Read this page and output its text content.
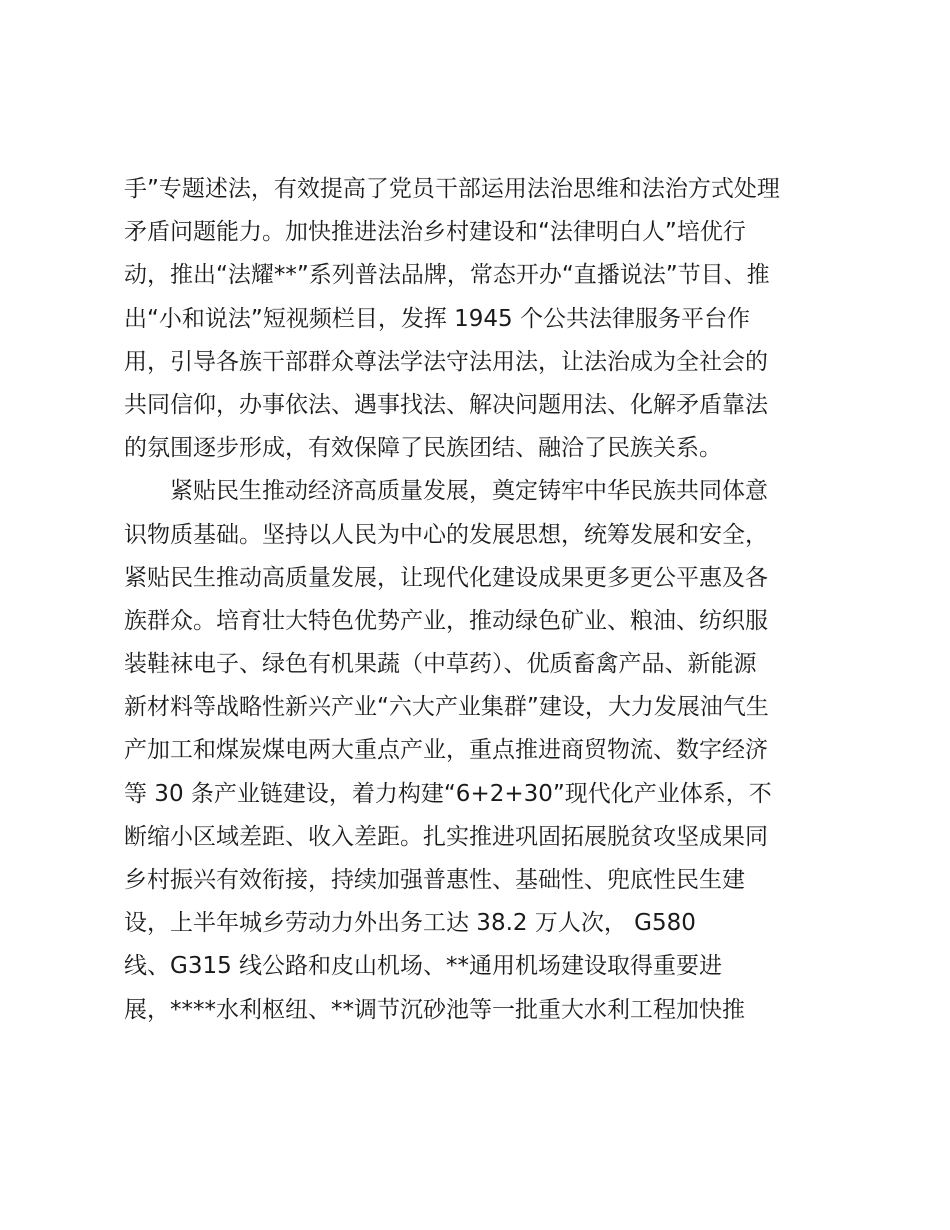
手”专题述法，有效提高了党员干部运用法治思维和法治方式处理
矛盾问题能力。加快推进法治乡村建设和“法律明白人”培优行
动，推出“法耀**”系列普法品牌，常态开办“直播说法”节目、推
出“小和说法”短视频栏目，发挥 1945 个公共法律服务平台作
用，引导各族干部群众尊法学法守法用法，让法治成为全社会的
共同信仰，办事依法、遇事找法、解决问题用法、化解矛盾靠法
的氛围逐步形成，有效保障了民族团结、融洽了民族关系。
紧贴民生推动经济高质量发展，奠定铸牢中华民族共同体意
识物质基础。坚持以人民为中心的发展思想，统筹发展和安全，
紧贴民生推动高质量发展，让现代化建设成果更多更公平惠及各
族群众。培育壮大特色优势产业，推动绿色矿业、粮油、纺织服
装鞋袜电子、绿色有机果蔬（中草药）、优质畜禽产品、新能源
新材料等战略性新兴产业“六大产业集群”建设，大力发展油气生
产加工和煤炭煤电两大重点产业，重点推进商贸物流、数字经济
等 30 条产业链建设，着力构建“6+2+30”现代化产业体系，不
断缩小区域差距、收入差距。扎实推进巩固拓展脱贫攻坚成果同
乡村振兴有效衔接，持续加强普惠性、基础性、兜底性民生建
设，上半年城乡劳动力外出务工达 38.2 万人次， G580
线、G315 线公路和皮山机场、**通用机场建设取得重要进
展，****水利枢纽、**调节沉砂池等一批重大水利工程加快推
